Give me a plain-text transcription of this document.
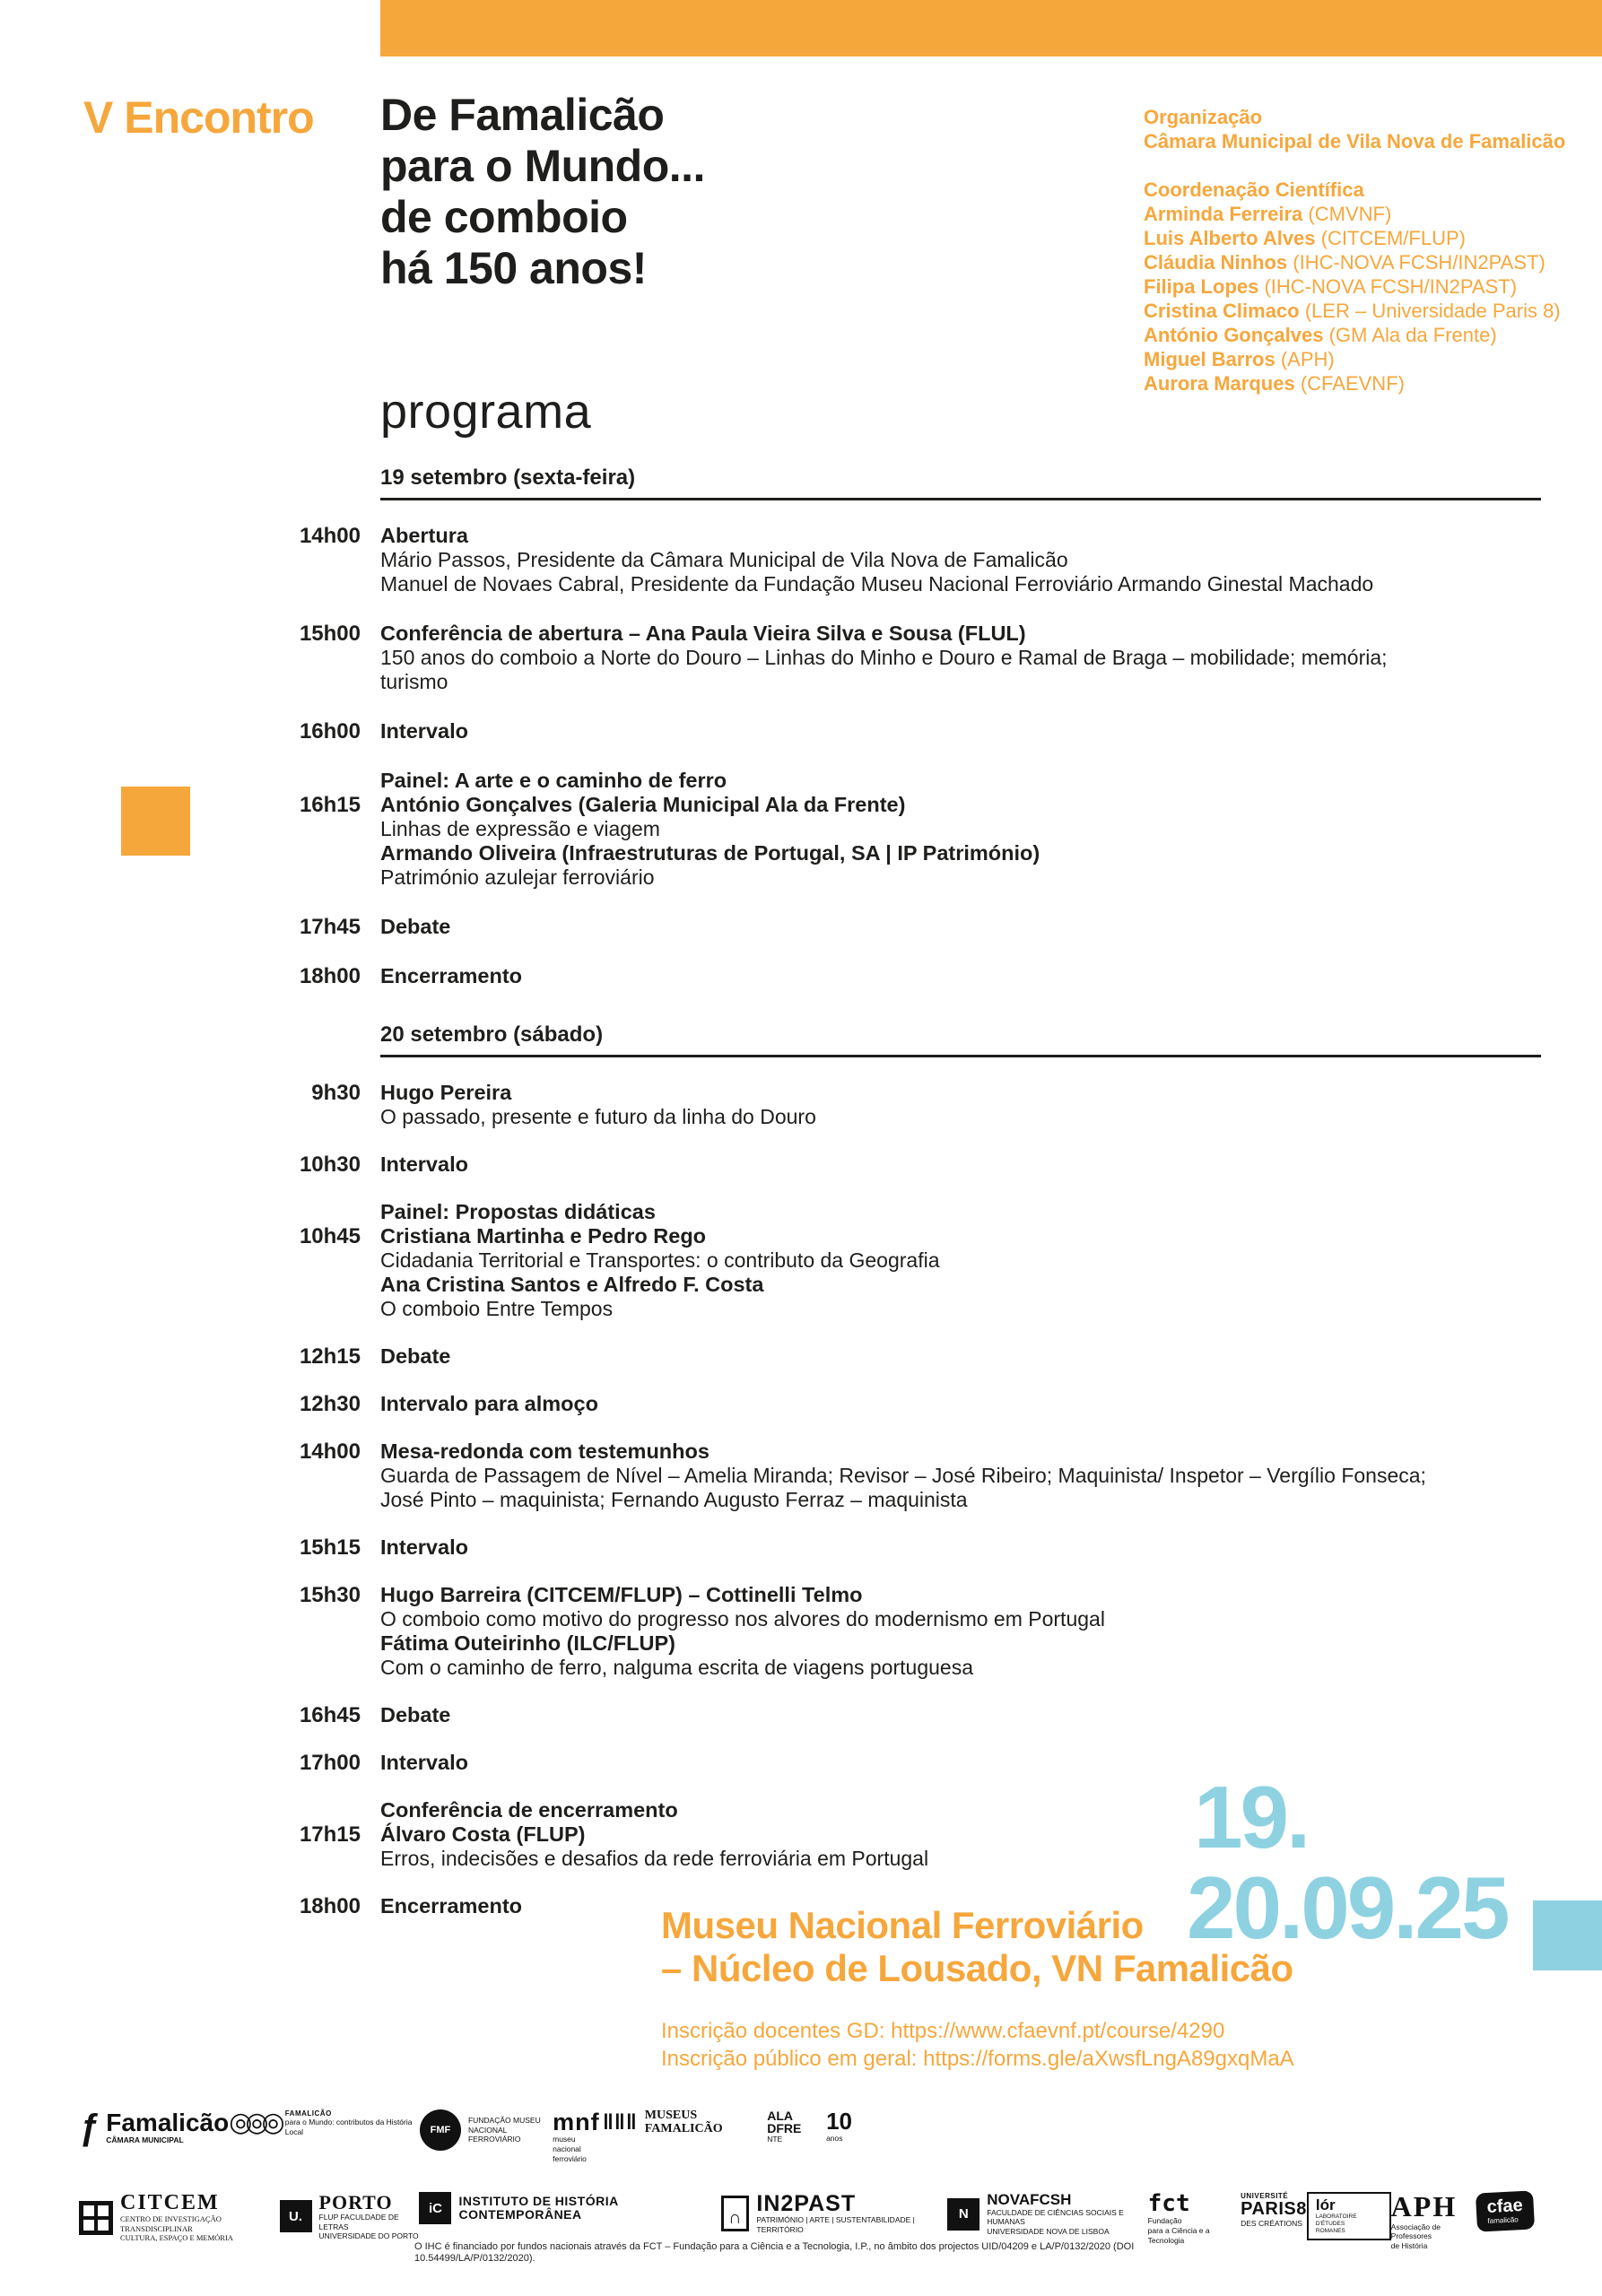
V Encontro De Famalicão
para o Mundo...
de comboio
há 150 anos!
Organização
Câmara Municipal de Vila Nova de Famalicão
Coordenação Científica
Arminda Ferreira (CMVNF)
Luis Alberto Alves (CITCEM/FLUP)
Cláudia Ninhos (IHC-NOVA FCSH/IN2PAST)
Filipa Lopes (IHC-NOVA FCSH/IN2PAST)
Cristina Climaco (LER – Universidade Paris 8)
António Gonçalves (GM Ala da Frente)
Miguel Barros (APH)
Aurora Marques (CFAEVNF)
programa
19 setembro (sexta-feira)
14h00 Abertura
Mário Passos, Presidente da Câmara Municipal de Vila Nova de Famalicão
Manuel de Novaes Cabral, Presidente da Fundação Museu Nacional Ferroviário Armando Ginestal Machado
15h00 Conferência de abertura – Ana Paula Vieira Silva e Sousa (FLUL)
150 anos do comboio a Norte do Douro – Linhas do Minho e Douro e Ramal de Braga – mobilidade; memória;
turismo
16h00 Intervalo
16h15
Painel: A arte e o caminho de ferro
António Gonçalves (Galeria Municipal Ala da Frente)
Linhas de expressão e viagem
Armando Oliveira (Infraestruturas de Portugal, SA | IP Património)
Património azulejar ferroviário
17h45 Debate
18h00 Encerramento
20 setembro (sábado)
9h30 Hugo Pereira
O passado, presente e futuro da linha do Douro
10h30 Intervalo
10h45
Painel: Propostas didáticas
Cristiana Martinha e Pedro Rego
Cidadania Territorial e Transportes: o contributo da Geografia
Ana Cristina Santos e Alfredo F. Costa
O comboio Entre Tempos
12h15 Debate
12h30 Intervalo para almoço
14h00 Mesa-redonda com testemunhos
Guarda de Passagem de Nível – Amelia Miranda; Revisor – José Ribeiro; Maquinista/ Inspetor – Vergílio Fonseca;
José Pinto – maquinista; Fernando Augusto Ferraz – maquinista
15h15 Intervalo
15h30 Hugo Barreira (CITCEM/FLUP) – Cottinelli Telmo
O comboio como motivo do progresso nos alvores do modernismo em Portugal
Fátima Outeirinho (ILC/FLUP)
Com o caminho de ferro, nalguma escrita de viagens portuguesa
16h45 Debate
17h00 Intervalo
17h15
Conferência de encerramento
Álvaro Costa (FLUP)
Erros, indecisões e desafios da rede ferroviária em Portugal
18h00 Encerramento
19.
20.09.25
Museu Nacional Ferroviário
– Núcleo de Lousado, VN Famalicão
Inscrição docentes GD: https://www.cfaevnf.pt/course/4290
Inscrição público em geral: https://forms.gle/aXwsfLngA89gxqMaA
ƒ Famalicão
CÂMARA MUNICIPAL
◎◎◎ FAMALICÃO
para o Mundo: contributos da História Local	FMF
FUNDAÇÃO MUSEU
NACIONAL FERROVIÁRIO
mnf
museu nacional
ferroviário
‖‖‖ MUSEUS FAMALICÃO
ALA DFRE
NTE
10
anos
CITCEM
CENTRO DE INVESTIGAÇÃO TRANSDISCIPLINAR
CULTURA, ESPAÇO E MEMÓRIA
U.
PORTO
FLUP FACULDADE DE LETRAS
UNIVERSIDADE DO PORTO
iC	INSTITUTO DE HISTÓRIA CONTEMPORÂNEA	∩
IN2PAST
PATRIMÓNIO | ARTE | SUSTENTABILIDADE | TERRITÓRIO
N
NOVAFCSH
FACULDADE DE CIÊNCIAS SOCIAIS E HUMANAS
UNIVERSIDADE NOVA DE LISBOA
fct
Fundação
para a Ciência e a Tecnologia
UNIVERSITÉ
PARIS8
DES CRÉATIONS
lór
LABORATOIRE D'ÉTUDES
ROMANES
APH
Associação de Professores
de História
cfae
famalicão
O IHC é financiado por fundos nacionais através da FCT – Fundação para a Ciência e a Tecnologia, I.P., no âmbito dos projectos UID/04209 e LA/P/0132/2020 (DOI 10.54499/LA/P/0132/2020).
